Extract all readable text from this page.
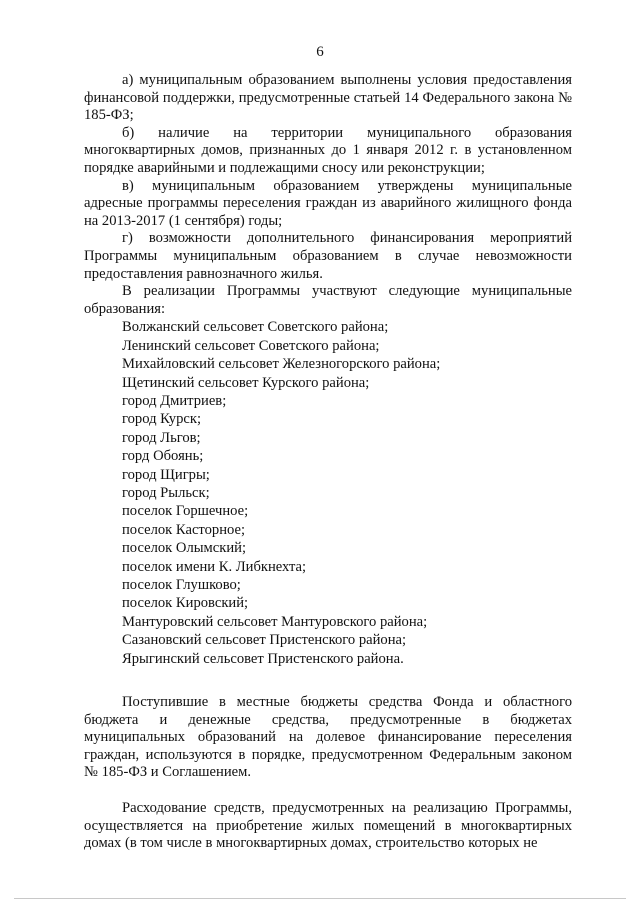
6

а) муниципальным образованием выполнены условия предоставления финансовой поддержки, предусмотренные статьей 14 Федерального закона № 185-ФЗ;

б) наличие на территории муниципального образования многоквартирных домов, признанных до 1 января 2012 г. в установленном порядке аварийными и подлежащими сносу или реконструкции;

в) муниципальным образованием утверждены муниципальные адресные программы переселения граждан из аварийного жилищного фонда на 2013-2017 (1 сентября) годы;

г) возможности дополнительного финансирования мероприятий Программы муниципальным образованием в случае невозможности предоставления равнозначного жилья.

В реализации Программы участвуют следующие муниципальные образования:

Волжанский сельсовет Советского района;
Ленинский сельсовет Советского района;
Михайловский сельсовет Железногорского района;
Щетинский сельсовет Курского района;
город Дмитриев;
город Курск;
город Льгов;
горд Обоянь;
город Щигры;
город Рыльск;
поселок Горшечное;
поселок Касторное;
поселок Олымский;
поселок имени К. Либкнехта;
поселок Глушково;
поселок Кировский;
Мантуровский сельсовет Мантуровского района;
Сазановский сельсовет Пристенского района;
Ярыгинский сельсовет Пристенского района.

Поступившие в местные бюджеты средства Фонда и областного бюджета и денежные средства, предусмотренные в бюджетах муниципальных образований на долевое финансирование переселения граждан, используются в порядке, предусмотренном Федеральным законом № 185-ФЗ и Соглашением.

Расходование средств, предусмотренных на реализацию Программы, осуществляется на приобретение жилых помещений в многоквартирных домах (в том числе в многоквартирных домах, строительство которых не
